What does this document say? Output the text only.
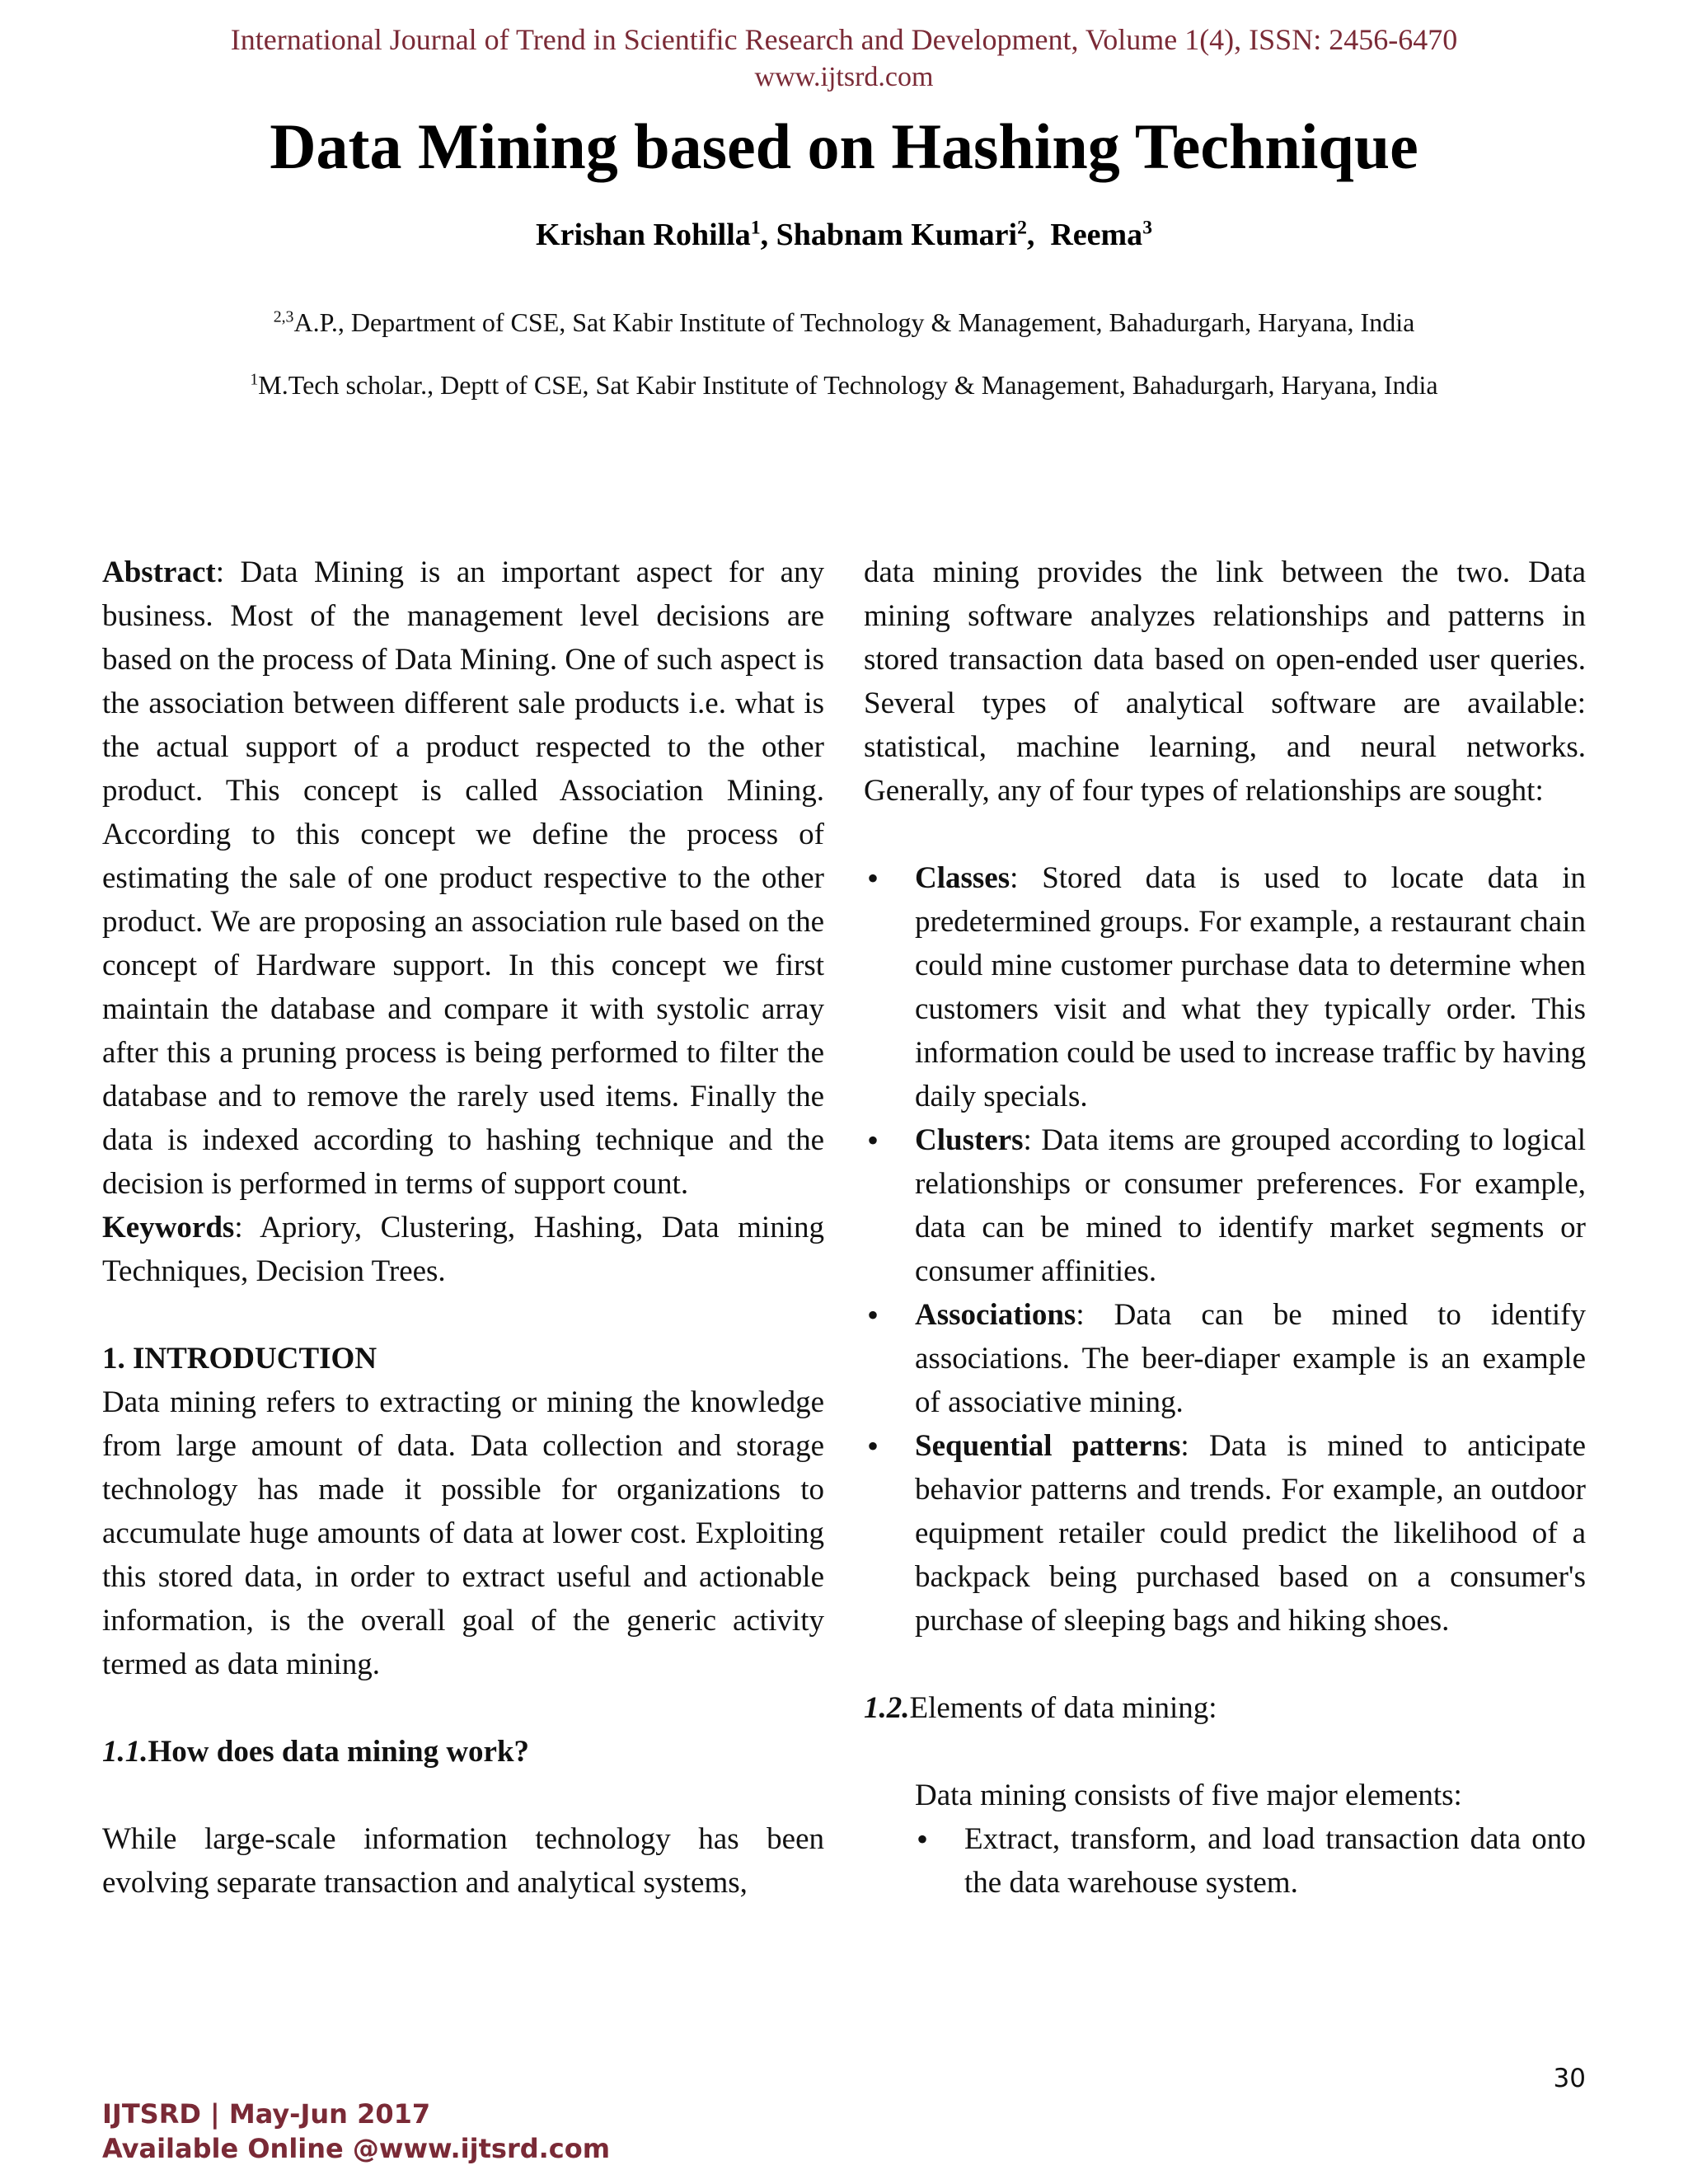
International Journal of Trend in Scientific Research and Development, Volume 1(4), ISSN: 2456-6470
www.ijtsrd.com
Data Mining based on Hashing Technique
Krishan Rohilla$^1$, Shabnam Kumari$^2$,  Reema$^3$
$^{2,3}$A.P., Department of CSE, Sat Kabir Institute of Technology & Management, Bahadurgarh, Haryana, India
$^1$M.Tech scholar., Deptt of CSE, Sat Kabir Institute of Technology & Management, Bahadurgarh, Haryana, India

Abstract: Data Mining is an important aspect for any business. Most of the management level decisions are based on the process of Data Mining. One of such aspect is the association between different sale products i.e. what is the actual support of a product respected to the other product. This concept is called Association Mining. According to this concept we define the process of estimating the sale of one product respective to the other product. We are proposing an association rule based on the concept of Hardware support. In this concept we first maintain the database and compare it with systolic array after this a pruning process is being performed to filter the database and to remove the rarely used items. Finally the data is indexed according to hashing technique and the decision is performed in terms of support count.

Keywords: Apriory, Clustering, Hashing, Data mining Techniques, Decision Trees.

1. INTRODUCTION

Data mining refers to extracting or mining the knowledge from large amount of data. Data collection and storage technology has made it possible for organizations to accumulate huge amounts of data at lower cost. Exploiting this stored data, in order to extract useful and actionable information, is the overall goal of the generic activity termed as data mining.

1.1.How does data mining work?

While large-scale information technology has been evolving separate transaction and analytical systems,

data mining provides the link between the two. Data mining software analyzes relationships and patterns in stored transaction data based on open-ended user queries. Several types of analytical software are available: statistical, machine learning, and neural networks. Generally, any of four types of relationships are sought:

• Classes: Stored data is used to locate data in predetermined groups. For example, a restaurant chain could mine customer purchase data to determine when customers visit and what they typically order. This information could be used to increase traffic by having daily specials.
• Clusters: Data items are grouped according to logical relationships or consumer preferences. For example, data can be mined to identify market segments or consumer affinities.
• Associations: Data can be mined to identify associations. The beer-diaper example is an example of associative mining.
• Sequential patterns: Data is mined to anticipate behavior patterns and trends. For example, an outdoor equipment retailer could predict the likelihood of a backpack being purchased based on a consumer's purchase of sleeping bags and hiking shoes.

1.2.Elements of data mining:

Data mining consists of five major elements:

• Extract, transform, and load transaction data onto the data warehouse system.
30
IJTSRD | May-Jun 2017
Available Online @www.ijtsrd.com
